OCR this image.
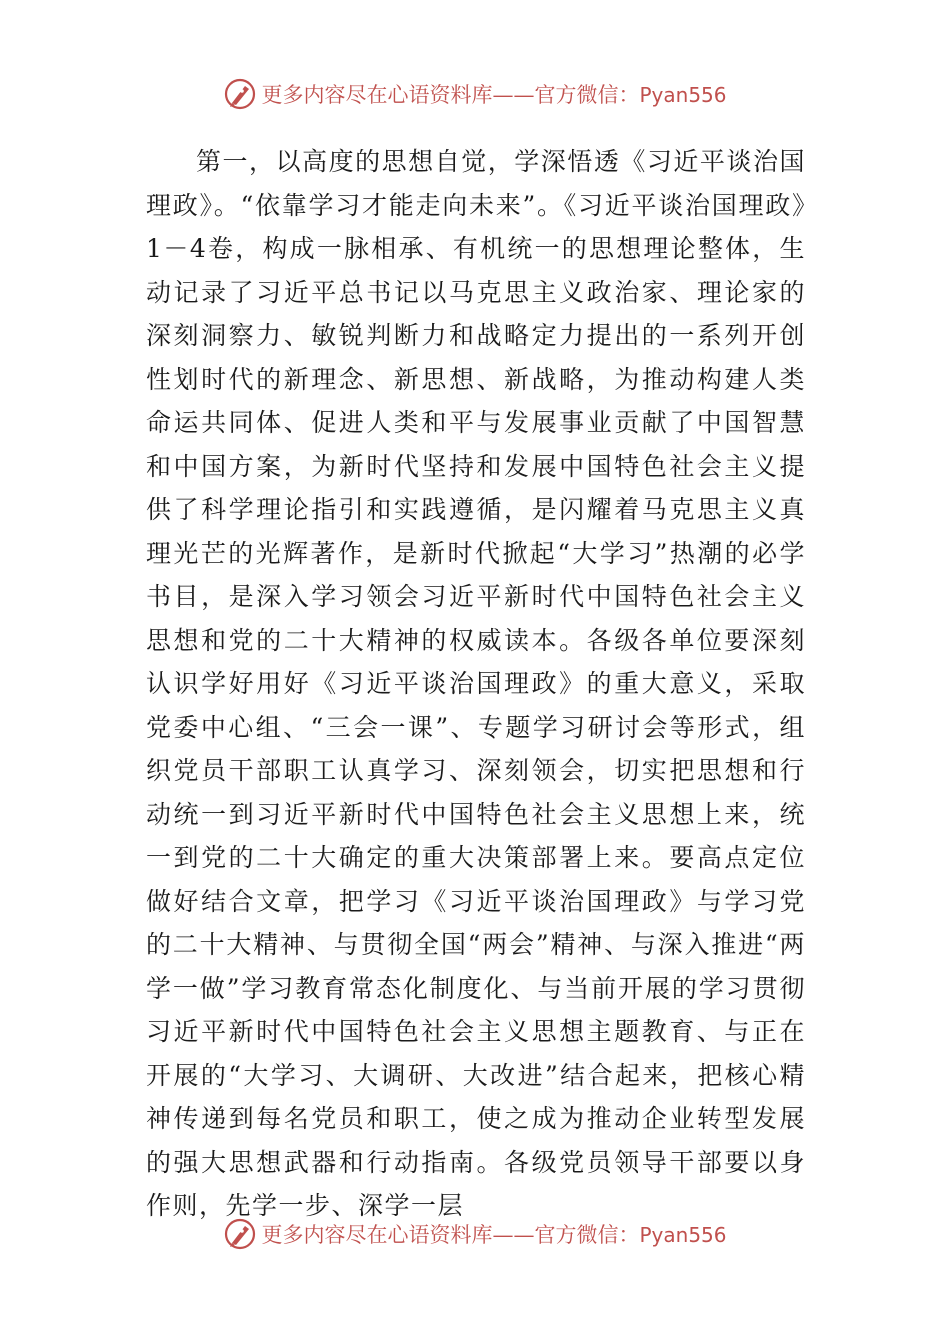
更多内容尽在心语资料库——官方微信：Pyan556

第一，以高度的思想自觉，学深悟透《习近平谈治国理政》。“依靠学习才能走向未来”。《习近平谈治国理政》1－4卷，构成一脉相承、有机统一的思想理论整体，生动记录了习近平总书记以马克思主义政治家、理论家的深刻洞察力、敏锐判断力和战略定力提出的一系列开创性划时代的新理念、新思想、新战略，为推动构建人类命运共同体、促进人类和平与发展事业贡献了中国智慧和中国方案，为新时代坚持和发展中国特色社会主义提供了科学理论指引和实践遵循，是闪耀着马克思主义真理光芒的光辉著作，是新时代掀起“大学习”热潮的必学书目，是深入学习领会习近平新时代中国特色社会主义思想和党的二十大精神的权威读本。各级各单位要深刻认识学好用好《习近平谈治国理政》的重大意义，采取党委中心组、“三会一课”、专题学习研讨会等形式，组织党员干部职工认真学习、深刻领会，切实把思想和行动统一到习近平新时代中国特色社会主义思想上来，统一到党的二十大确定的重大决策部署上来。要高点定位做好结合文章，把学习《习近平谈治国理政》与学习党的二十大精神、与贯彻全国“两会”精神、与深入推进“两学一做”学习教育常态化制度化、与当前开展的学习贯彻习近平新时代中国特色社会主义思想主题教育、与正在开展的“大学习、大调研、大改进”结合起来，把核心精神传递到每名党员和职工，使之成为推动企业转型发展的强大思想武器和行动指南。各级党员领导干部要以身作则，先学一步、深学一层

更多内容尽在心语资料库——官方微信：Pyan556
